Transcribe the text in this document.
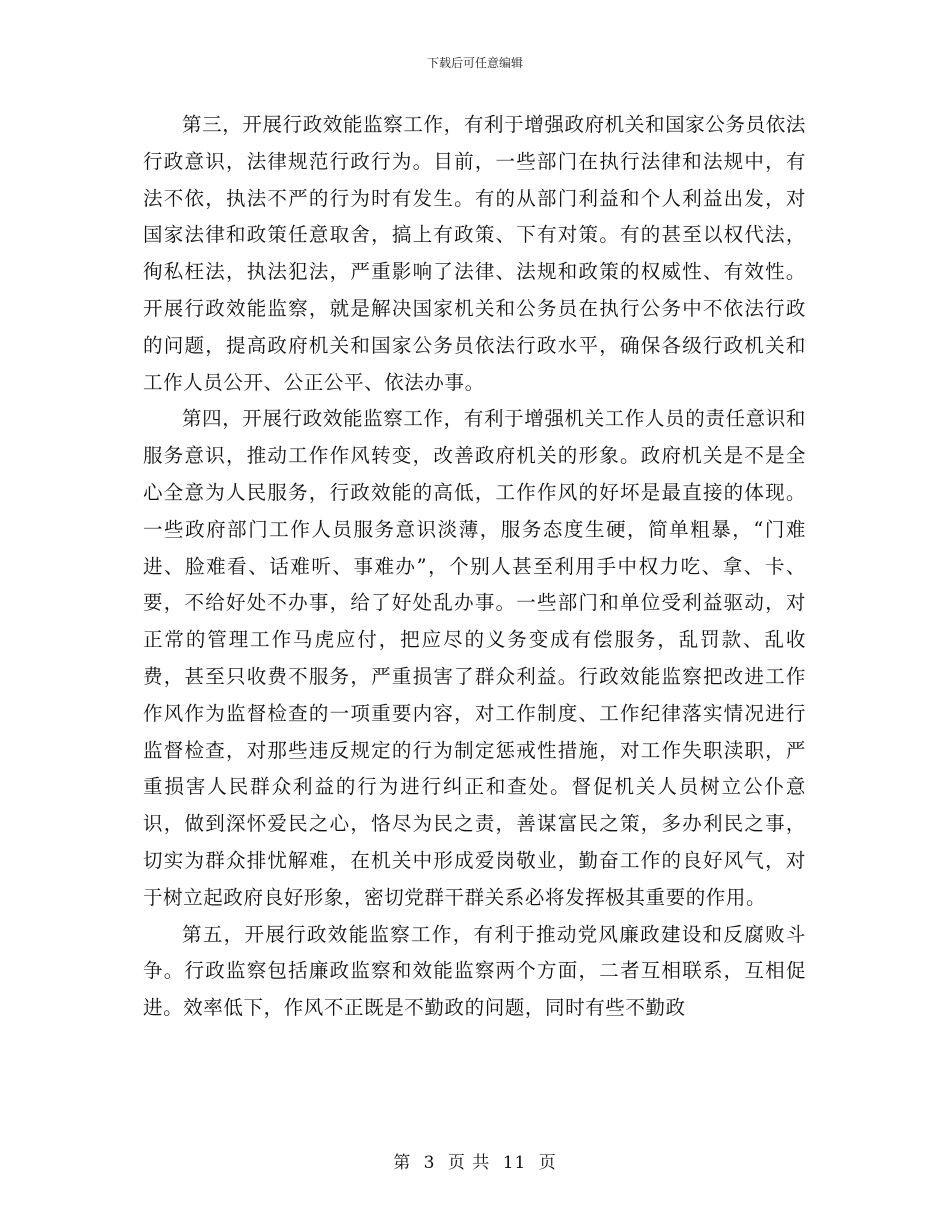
下载后可任意编辑

第三，开展行政效能监察工作，有利于增强政府机关和国家公务员依法行政意识，法律规范行政行为。目前，一些部门在执行法律和法规中，有法不依，执法不严的行为时有发生。有的从部门利益和个人利益出发，对国家法律和政策任意取舍，搞上有政策、下有对策。有的甚至以权代法，徇私枉法，执法犯法，严重影响了法律、法规和政策的权威性、有效性。开展行政效能监察，就是解决国家机关和公务员在执行公务中不依法行政的问题，提高政府机关和国家公务员依法行政水平，确保各级行政机关和工作人员公开、公正公平、依法办事。

第四，开展行政效能监察工作，有利于增强机关工作人员的责任意识和服务意识，推动工作作风转变，改善政府机关的形象。政府机关是不是全心全意为人民服务，行政效能的高低，工作作风的好坏是最直接的体现。一些政府部门工作人员服务意识淡薄，服务态度生硬，简单粗暴，“门难进、脸难看、话难听、事难办”，个别人甚至利用手中权力吃、拿、卡、要，不给好处不办事，给了好处乱办事。一些部门和单位受利益驱动，对正常的管理工作马虎应付，把应尽的义务变成有偿服务，乱罚款、乱收费，甚至只收费不服务，严重损害了群众利益。行政效能监察把改进工作作风作为监督检查的一项重要内容，对工作制度、工作纪律落实情况进行监督检查，对那些违反规定的行为制定惩戒性措施，对工作失职渎职，严重损害人民群众利益的行为进行纠正和查处。督促机关人员树立公仆意识，做到深怀爱民之心，恪尽为民之责，善谋富民之策，多办利民之事，切实为群众排忧解难，在机关中形成爱岗敬业，勤奋工作的良好风气，对于树立起政府良好形象，密切党群干群关系必将发挥极其重要的作用。

第五，开展行政效能监察工作，有利于推动党风廉政建设和反腐败斗争。行政监察包括廉政监察和效能监察两个方面，二者互相联系，互相促进。效率低下，作风不正既是不勤政的问题，同时有些不勤政

第 3 页 共 11 页
